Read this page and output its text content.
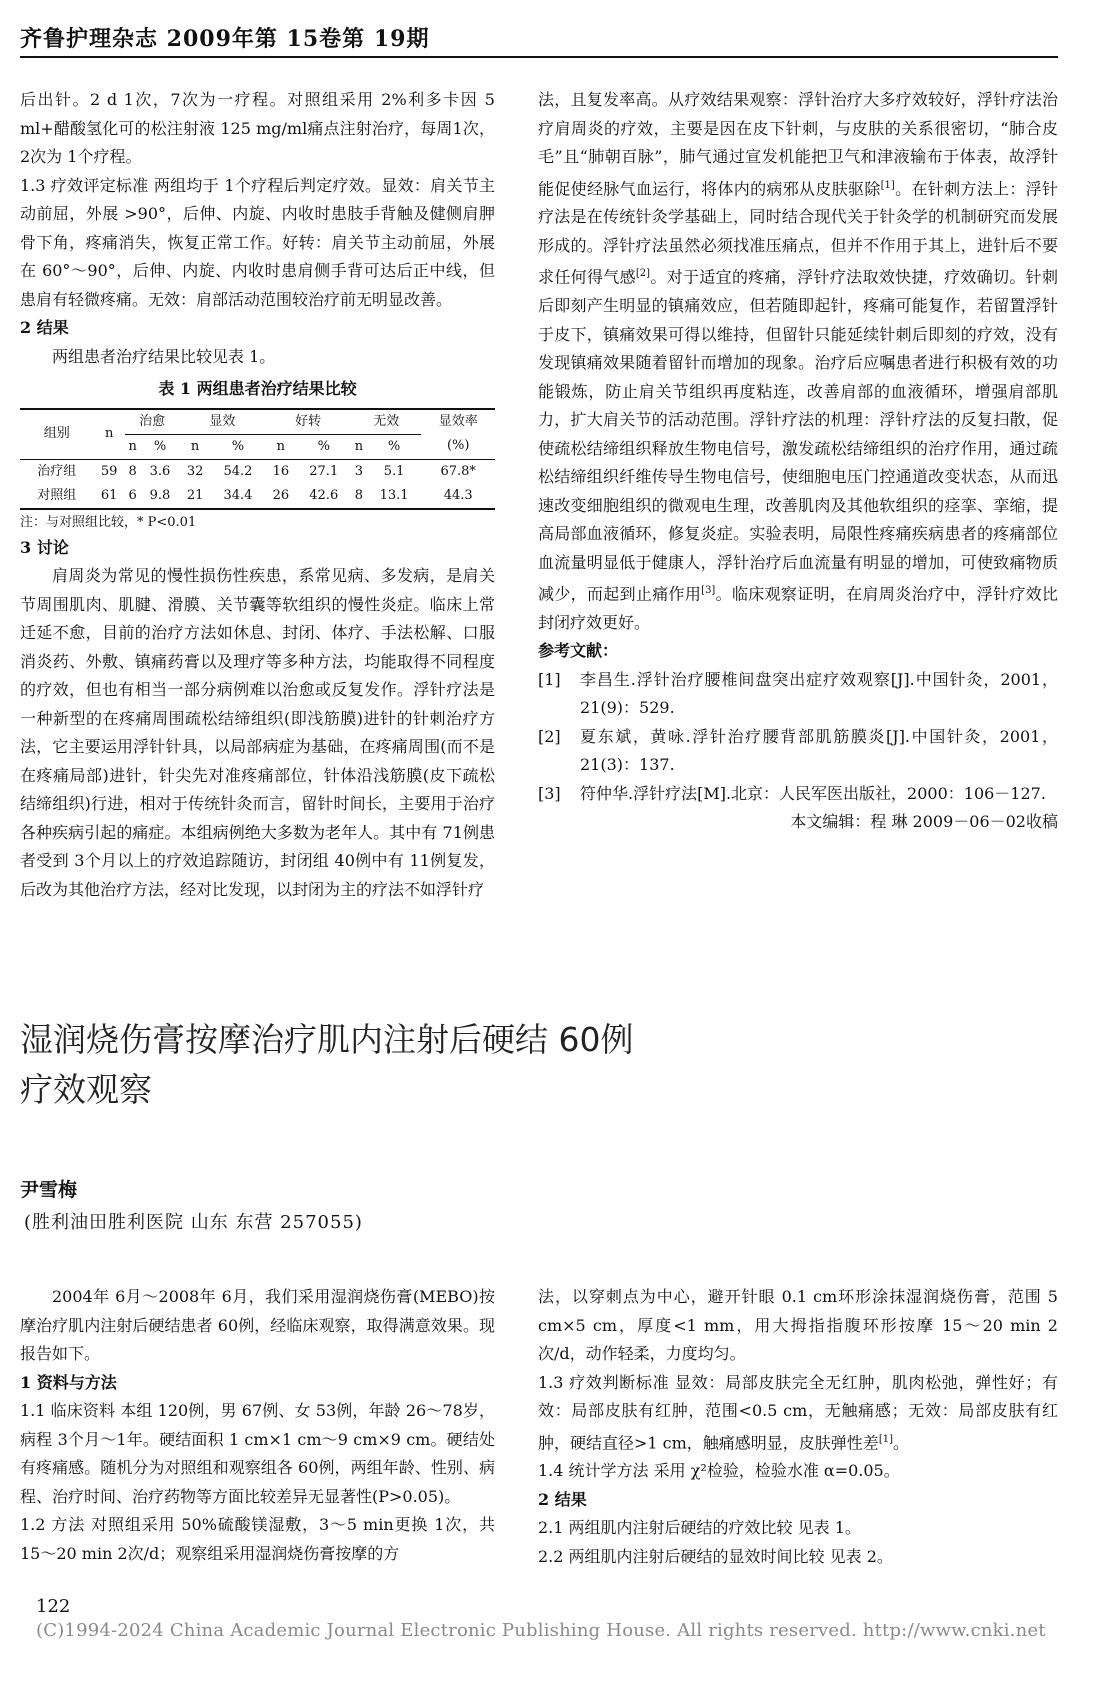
齐鲁护理杂志 2009年第 15卷第 19期

后出针。2 d 1次，7次为一疗程。对照组采用 2%利多卡因 5 ml+醋酸氢化可的松注射液 125 mg/ml痛点注射治疗，每周1次，2次为 1个疗程。

1.3 疗效评定标准 两组均于 1个疗程后判定疗效。显效：肩关节主动前屈，外展 >90°，后伸、内旋、内收时患肢手背触及健侧肩胛骨下角，疼痛消失，恢复正常工作。好转：肩关节主动前屈，外展在 60°～90°，后伸、内旋、内收时患肩侧手背可达后正中线，但患肩有轻微疼痛。无效：肩部活动范围较治疗前无明显改善。

2 结果

两组患者治疗结果比较见表 1。

表 1 两组患者治疗结果比较

组别	n	治愈		显效		好转		无效		显效率
		n	%	n	%	n	%	n	%	(%)
治疗组	59	8	3.6	32	54.2	16	27.1	3	5.1	67.8*
对照组	61	6	9.8	21	34.4	26	42.6	8	13.1	44.3

注：与对照组比较，* P<0.01

3 讨论

肩周炎为常见的慢性损伤性疾患，系常见病、多发病，是肩关节周围肌肉、肌腱、滑膜、关节囊等软组织的慢性炎症。临床上常迁延不愈，目前的治疗方法如休息、封闭、体疗、手法松解、口服消炎药、外敷、镇痛药膏以及理疗等多种方法，均能取得不同程度的疗效，但也有相当一部分病例难以治愈或反复发作。浮针疗法是一种新型的在疼痛周围疏松结缔组织(即浅筋膜)进针的针刺治疗方法，它主要运用浮针针具，以局部病症为基础，在疼痛周围(而不是在疼痛局部)进针，针尖先对准疼痛部位，针体沿浅筋膜(皮下疏松结缔组织)行进，相对于传统针灸而言，留针时间长，主要用于治疗各种疾病引起的痛症。本组病例绝大多数为老年人。其中有 71例患者受到 3个月以上的疗效追踪随访，封闭组 40例中有 11例复发，后改为其他治疗方法，经对比发现，以封闭为主的疗法不如浮针疗

法，且复发率高。从疗效结果观察：浮针治疗大多疗效较好，浮针疗法治疗肩周炎的疗效，主要是因在皮下针刺，与皮肤的关系很密切，“肺合皮毛”且“肺朝百脉”，肺气通过宣发机能把卫气和津液输布于体表，故浮针能促使经脉气血运行，将体内的病邪从皮肤驱除[1]。在针刺方法上：浮针疗法是在传统针灸学基础上，同时结合现代关于针灸学的机制研究而发展形成的。浮针疗法虽然必须找准压痛点，但并不作用于其上，进针后不要求任何得气感[2]。对于适宜的疼痛，浮针疗法取效快捷，疗效确切。针刺后即刻产生明显的镇痛效应，但若随即起针，疼痛可能复作，若留置浮针于皮下，镇痛效果可得以维持，但留针只能延续针刺后即刻的疗效，没有发现镇痛效果随着留针而增加的现象。治疗后应嘱患者进行积极有效的功能锻炼，防止肩关节组织再度粘连，改善肩部的血液循环，增强肩部肌力，扩大肩关节的活动范围。浮针疗法的机理：浮针疗法的反复扫散，促使疏松结缔组织释放生物电信号，激发疏松结缔组织的治疗作用，通过疏松结缔组织纤维传导生物电信号，使细胞电压门控通道改变状态，从而迅速改变细胞组织的微观电生理，改善肌肉及其他软组织的痉挛、挛缩，提高局部血液循环，修复炎症。实验表明，局限性疼痛疾病患者的疼痛部位血流量明显低于健康人，浮针治疗后血流量有明显的增加，可使致痛物质减少，而起到止痛作用[3]。临床观察证明，在肩周炎治疗中，浮针疗效比封闭疗效更好。

参考文献：

[1]	李昌生.浮针治疗腰椎间盘突出症疗效观察[J].中国针灸，2001，21(9)：529.
[2]	夏东斌，黄咏.浮针治疗腰背部肌筋膜炎[J].中国针灸，2001，21(3)：137.
[3]	符仲华.浮针疗法[M].北京：人民军医出版社，2000：106－127.

本文编辑：程 琳 2009－06－02收稿

湿润烧伤膏按摩治疗肌内注射后硬结 60例
疗效观察
尹雪梅
(胜利油田胜利医院 山东 东营 257055)

2004年 6月～2008年 6月，我们采用湿润烧伤膏(MEBO)按摩治疗肌内注射后硬结患者 60例，经临床观察，取得满意效果。现报告如下。

1 资料与方法

1.1 临床资料 本组 120例，男 67例、女 53例，年龄 26～78岁，病程 3个月～1年。硬结面积 1 cm×1 cm～9 cm×9 cm。硬结处有疼痛感。随机分为对照组和观察组各 60例，两组年龄、性别、病程、治疗时间、治疗药物等方面比较差异无显著性(P>0.05)。

1.2 方法 对照组采用 50%硫酸镁湿敷，3～5 min更换 1次，共 15～20 min 2次/d；观察组采用湿润烧伤膏按摩的方

法，以穿刺点为中心，避开针眼 0.1 cm环形涂抹湿润烧伤膏，范围 5 cm×5 cm，厚度<1 mm，用大拇指指腹环形按摩 15～20 min 2次/d，动作轻柔，力度均匀。

1.3 疗效判断标准 显效：局部皮肤完全无红肿，肌肉松弛，弹性好；有效：局部皮肤有红肿，范围<0.5 cm，无触痛感；无效：局部皮肤有红肿，硬结直径>1 cm，触痛感明显，皮肤弹性差[1]。

1.4 统计学方法 采用 χ²检验，检验水准 α=0.05。

2 结果

2.1 两组肌内注射后硬结的疗效比较 见表 1。

2.2 两组肌内注射后硬结的显效时间比较 见表 2。

122
(C)1994-2024 China Academic Journal Electronic Publishing House. All rights reserved. http://www.cnki.net
